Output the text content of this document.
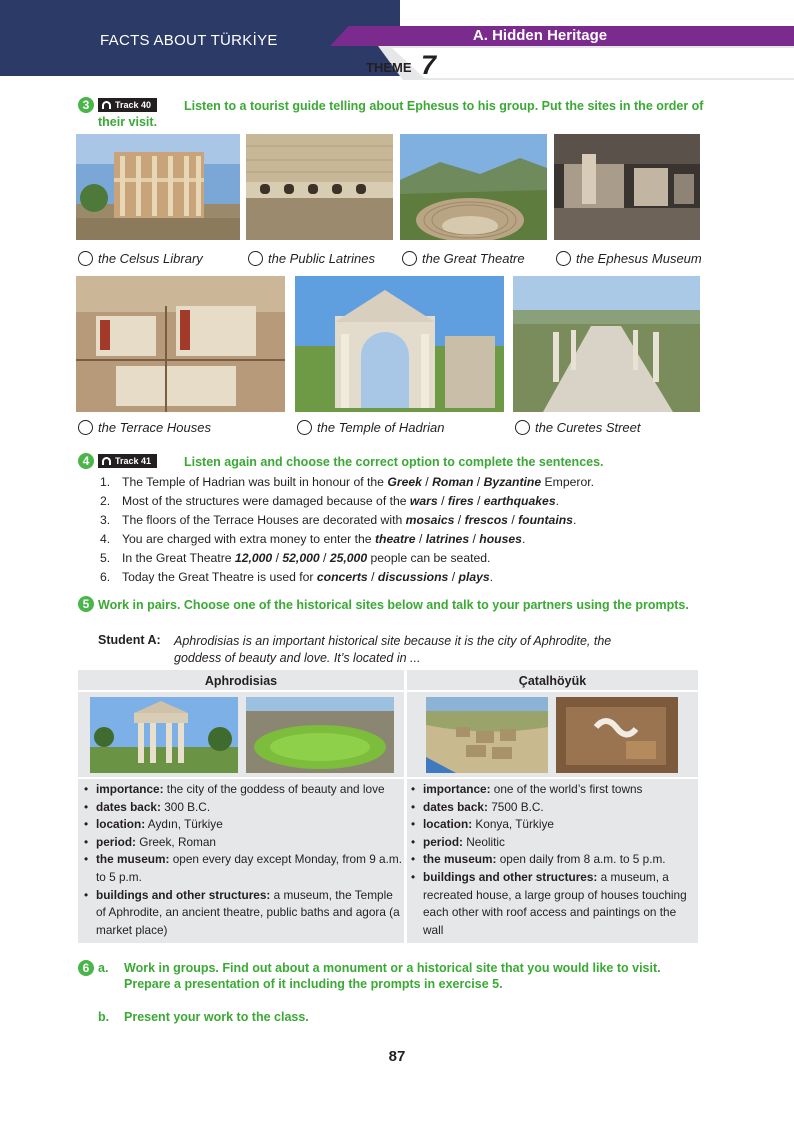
FACTS ABOUT TÜRKİYE	A. Hidden Heritage
THEME 7
3	Track 40	Listen to a tourist guide telling about Ephesus to his group. Put the sites in the order of their visit.
the Celsus Library	the Public Latrines	the Great Theatre	the Ephesus Museum
the Terrace Houses	the Temple of Hadrian	the Curetes Street
4	Track 41	Listen again and choose the correct option to complete the sentences.
1. The Temple of Hadrian was built in honour of the Greek / Roman / Byzantine Emperor.
2. Most of the structures were damaged because of the wars / fires / earthquakes.
3. The floors of the Terrace Houses are decorated with mosaics / frescos / fountains.
4. You are charged with extra money to enter the theatre / latrines / houses.
5. In the Great Theatre 12,000 / 52,000 / 25,000 people can be seated.
6. Today the Great Theatre is used for concerts / discussions / plays.
5 Work in pairs. Choose one of the historical sites below and talk to your partners using the prompts.
Student A: Aphrodisias is an important historical site because it is the city of Aphrodite, the
goddess of beauty and love. It’s located in ...
Aphrodisias	Çatalhöyük
• importance: the city of the goddess of beauty and love
• dates back: 300 B.C.
• location: Aydın, Türkiye
• period: Greek, Roman
• the museum: open every day except Monday, from 9 a.m. to 5 p.m.
• buildings and other structures: a museum, the Temple of Aphrodite, an ancient theatre, public baths and agora (a market place)
• importance: one of the world’s first towns
• dates back: 7500 B.C.
• location: Konya, Türkiye
• period: Neolitic
• the museum: open daily from 8 a.m. to 5 p.m.
• buildings and other structures: a museum, a recreated house, a large group of houses touching each other with roof access and paintings on the wall
6 a. Work in groups. Find out about a monument or a historical site that you would like to visit. Prepare a presentation of it including the prompts in exercise 5.
b. Present your work to the class.
87
